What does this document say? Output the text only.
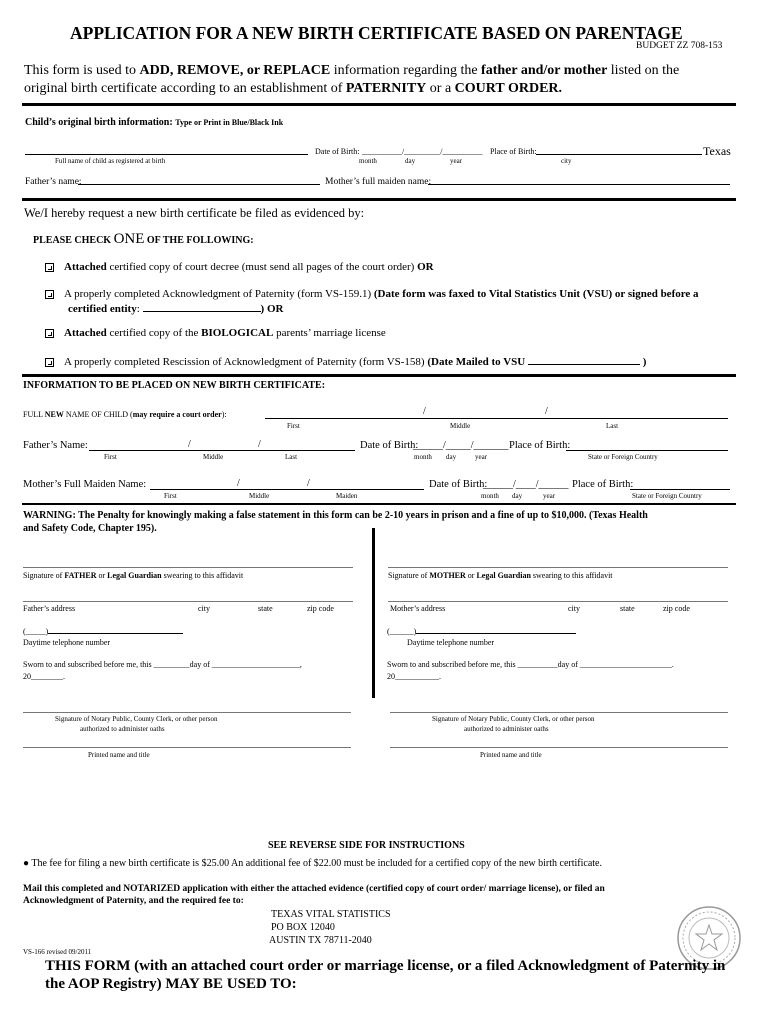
APPLICATION FOR A NEW BIRTH CERTIFICATE BASED ON PARENTAGE
BUDGET ZZ 708-153
This form is used to ADD, REMOVE, or REPLACE information regarding the father and/or mother listed on the
original birth certificate according to an establishment of PATERNITY or a COURT ORDER.
Child’s original birth information: Type or Print in Blue/Black Ink
Date of Birth: __________/_________/__________ Place of Birth:	Texas
Full name of child as registered at birth	month	day	year	city
Father’s name:	Mother’s full maiden name:
We/I hereby request a new birth certificate be filed as evidenced by:
PLEASE CHECK ONE OF THE FOLLOWING:
Attached certified copy of court decree (must send all pages of the court order) OR
A properly completed Acknowledgment of Paternity (form VS-159.1) (Date form was faxed to Vital Statistics Unit (VSU) or signed before a
certified entity:	) OR
Attached certified copy of the BIOLOGICAL parents’ marriage license
A properly completed Rescission of Acknowledgment of Paternity (form VS-158) (Date Mailed to VSU	)
INFORMATION TO BE PLACED ON NEW BIRTH CERTIFICATE:
FULL NEW NAME OF CHILD (may require a court order):	/	/
First	Middle	Last
Father’s Name:	/	/	Date of Birth:
______/_____/_______ Place of Birth:
First	Middle	Last	month day	year	State or Foreign Country
Mother’s Full Maiden Name:	/	/	Date of Birth:
______/____/______ Place of Birth:
First	Middle	Maiden	month day	year	State or Foreign Country
WARNING: The Penalty for knowingly making a false statement in this form can be 2-10 years in prison and a fine of up to $10,000. (Texas Health
and Safety Code, Chapter 195).
Signature of FATHER or Legal Guardian swearing to this affidavit
Father’s address	city	state	zip code
(_____)
Daytime telephone number
Sworn to and subscribed before me, this _________day of ______________________,
20________.
Signature of Notary Public, County Clerk, or other person
authorized to administer oaths
Printed name and title
Signature of MOTHER or Legal Guardian swearing to this affidavit
Mother’s address	city	state	zip code
(______)
Daytime telephone number
Sworn to and subscribed before me, this __________day of _______________________.
20___________.
Signature of Notary Public, County Clerk, or other person
authorized to administer oaths
Printed name and title
SEE REVERSE SIDE FOR INSTRUCTIONS
● The fee for filing a new birth certificate is $25.00 An additional fee of $22.00 must be included for a certified copy of the new birth certificate.
Mail this completed and NOTARIZED application with either the attached evidence (certified copy of court order/ marriage license), or filed an
Acknowledgment of Paternity, and the required fee to:
TEXAS VITAL STATISTICS
PO BOX 12040
AUSTIN TX 78711-2040
VS-166 revised 09/2011
THIS FORM (with an attached court order or marriage license, or a filed Acknowledgment of Paternity in
the AOP Registry) MAY BE USED TO:
